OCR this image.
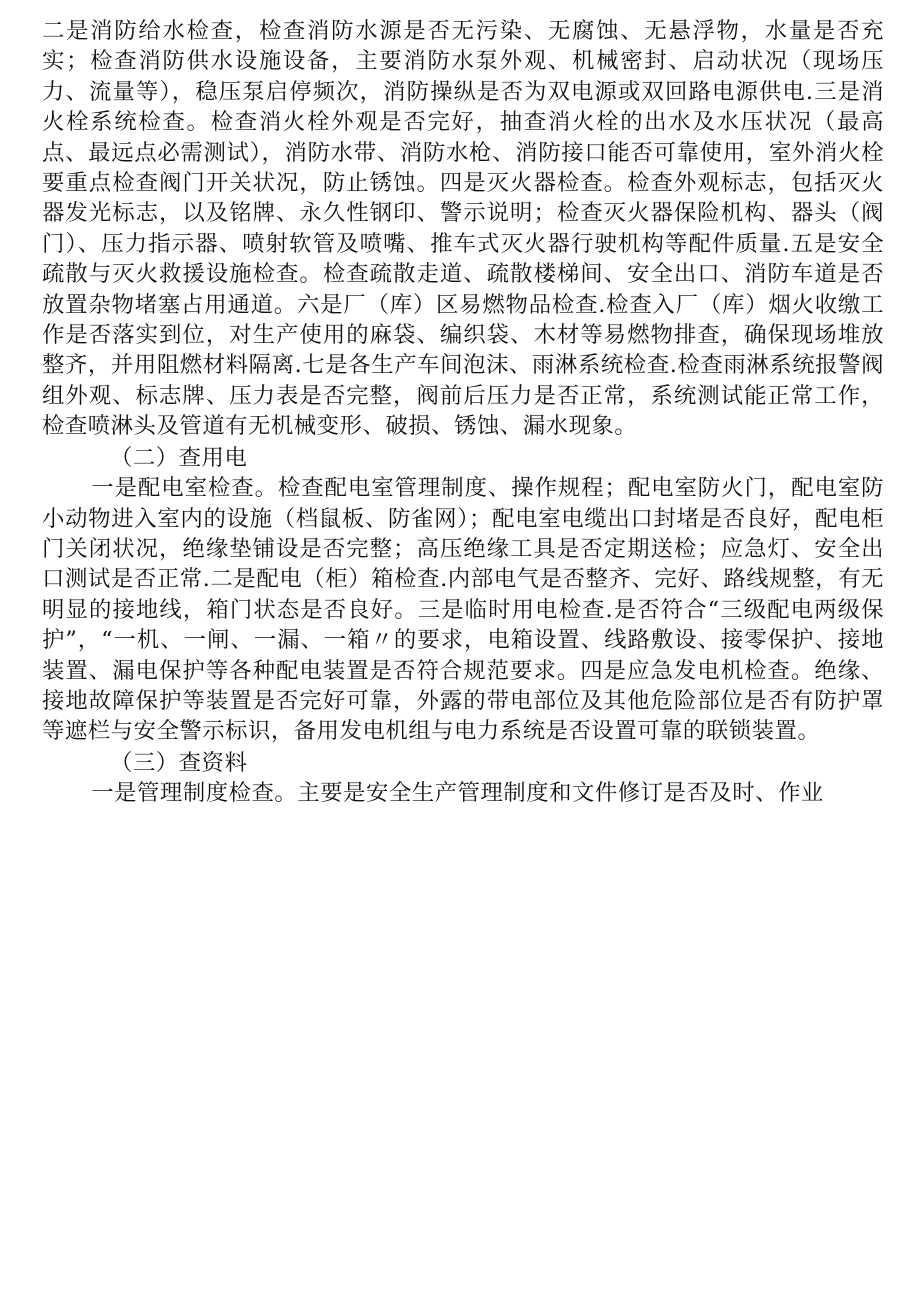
二是消防给水检查，检查消防水源是否无污染、无腐蚀、无悬浮物，水量是否充实；检查消防供水设施设备，主要消防水泵外观、机械密封、启动状况（现场压力、流量等），稳压泵启停频次，消防操纵是否为双电源或双回路电源供电.三是消火栓系统检查。检查消火栓外观是否完好，抽查消火栓的出水及水压状况（最高点、最远点必需测试），消防水带、消防水枪、消防接口能否可靠使用，室外消火栓要重点检查阀门开关状况，防止锈蚀。四是灭火器检查。检查外观标志，包括灭火器发光标志，以及铭牌、永久性钢印、警示说明；检查灭火器保险机构、器头（阀门）、压力指示器、喷射软管及喷嘴、推车式灭火器行驶机构等配件质量.五是安全疏散与灭火救援设施检查。检查疏散走道、疏散楼梯间、安全出口、消防车道是否放置杂物堵塞占用通道。六是厂（库）区易燃物品检查.检查入厂（库）烟火收缴工作是否落实到位，对生产使用的麻袋、编织袋、木材等易燃物排查，确保现场堆放整齐，并用阻燃材料隔离.七是各生产车间泡沫、雨淋系统检查.检查雨淋系统报警阀组外观、标志牌、压力表是否完整，阀前后压力是否正常，系统测试能正常工作，检查喷淋头及管道有无机械变形、破损、锈蚀、漏水现象。

（二）查用电

一是配电室检查。检查配电室管理制度、操作规程；配电室防火门，配电室防小动物进入室内的设施（档鼠板、防雀网）；配电室电缆出口封堵是否良好，配电柜门关闭状况，绝缘垫铺设是否完整；高压绝缘工具是否定期送检；应急灯、安全出口测试是否正常.二是配电（柜）箱检查.内部电气是否整齐、完好、路线规整，有无明显的接地线，箱门状态是否良好。三是临时用电检查.是否符合“三级配电两级保护”，“一机、一闸、一漏、一箱〃的要求，电箱设置、线路敷设、接零保护、接地装置、漏电保护等各种配电装置是否符合规范要求。四是应急发电机检查。绝缘、接地故障保护等装置是否完好可靠，外露的带电部位及其他危险部位是否有防护罩等遮栏与安全警示标识，备用发电机组与电力系统是否设置可靠的联锁装置。

（三）查资料

一是管理制度检查。主要是安全生产管理制度和文件修订是否及时、作业
